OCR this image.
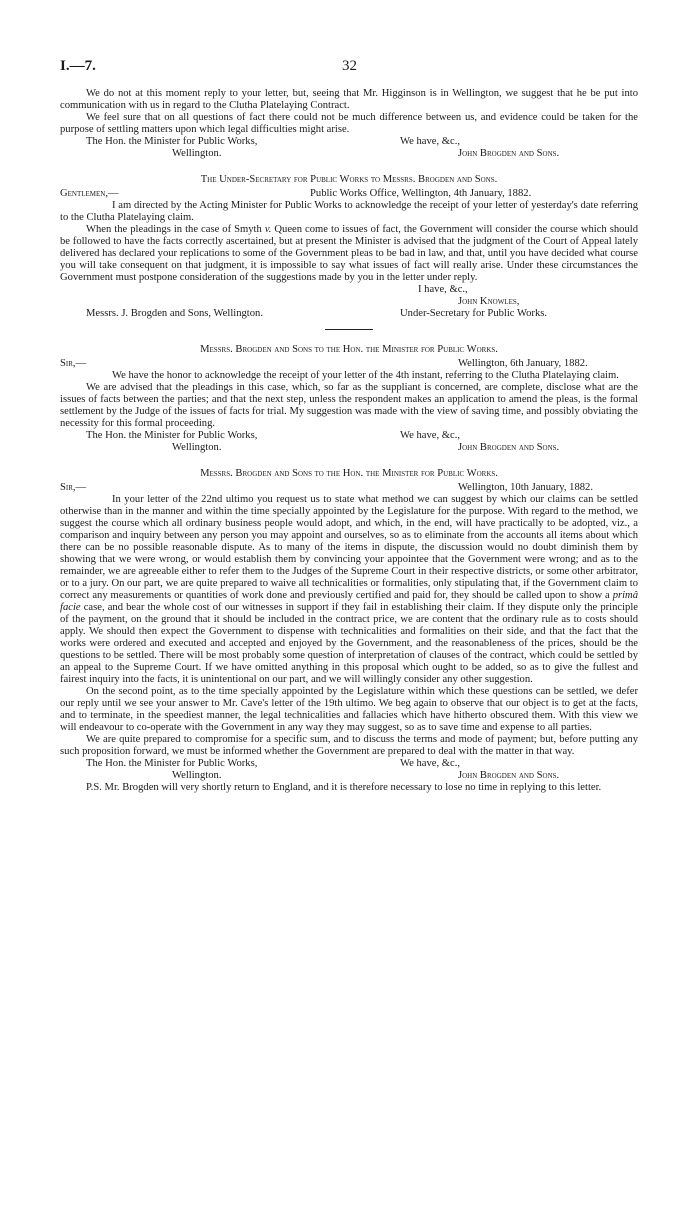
I.—7.	32

We do not at this moment reply to your letter, but, seeing that Mr. Higginson is in Wellington, we suggest that he be put into communication with us in regard to the Clutha Platelaying Contract.

We feel sure that on all questions of fact there could not be much difference between us, and evidence could be taken for the purpose of settling matters upon which legal difficulties might arise.

The Hon. the Minister for Public Works,	We have, &c.,
Wellington.	John Brogden and Sons.
The Under-Secretary for Public Works to Messrs. Brogden and Sons.
Gentlemen,—	Public Works Office, Wellington, 4th January, 1882.

I am directed by the Acting Minister for Public Works to acknowledge the receipt of your letter of yesterday's date referring to the Clutha Platelaying claim.

When the pleadings in the case of Smyth v. Queen come to issues of fact, the Government will consider the course which should be followed to have the facts correctly ascertained, but at present the Minister is advised that the judgment of the Court of Appeal lately delivered has declared your replications to some of the Government pleas to be bad in law, and that, until you have decided what course you will take consequent on that judgment, it is impossible to say what issues of fact will really arise. Under these circumstances the Government must postpone consideration of the suggestions made by you in the letter under reply.

I have, &c.,
John Knowles,
Messrs. J. Brogden and Sons, Wellington.	Under-Secretary for Public Works.
Messrs. Brogden and Sons to the Hon. the Minister for Public Works.
Sir,—	Wellington, 6th January, 1882.

We have the honor to acknowledge the receipt of your letter of the 4th instant, referring to the Clutha Platelaying claim.

We are advised that the pleadings in this case, which, so far as the suppliant is concerned, are complete, disclose what are the issues of facts between the parties; and that the next step, unless the respondent makes an application to amend the pleas, is the formal settlement by the Judge of the issues of facts for trial. My suggestion was made with the view of saving time, and possibly obviating the necessity for this formal proceeding.

The Hon. the Minister for Public Works,	We have, &c.,
Wellington.	John Brogden and Sons.
Messrs. Brogden and Sons to the Hon. the Minister for Public Works.
Sir,—	Wellington, 10th January, 1882.

In your letter of the 22nd ultimo you request us to state what method we can suggest by which our claims can be settled otherwise than in the manner and within the time specially appointed by the Legislature for the purpose. With regard to the method, we suggest the course which all ordinary business people would adopt, and which, in the end, will have practically to be adopted, viz., a comparison and inquiry between any person you may appoint and ourselves, so as to eliminate from the accounts all items about which there can be no possible reasonable dispute. As to many of the items in dispute, the discussion would no doubt diminish them by showing that we were wrong, or would establish them by convincing your appointee that the Government were wrong; and as to the remainder, we are agreeable either to refer them to the Judges of the Supreme Court in their respective districts, or some other arbitrator, or to a jury. On our part, we are quite prepared to waive all technicalities or formalities, only stipulating that, if the Government claim to correct any measurements or quantities of work done and previously certified and paid for, they should be called upon to show a primâ facie case, and bear the whole cost of our witnesses in support if they fail in establishing their claim. If they dispute only the principle of the payment, on the ground that it should be included in the contract price, we are content that the ordinary rule as to costs should apply. We should then expect the Government to dispense with technicalities and formalities on their side, and that the fact that the works were ordered and executed and accepted and enjoyed by the Government, and the reasonableness of the prices, should be the questions to be settled. There will be most probably some question of interpretation of clauses of the contract, which could be settled by an appeal to the Supreme Court. If we have omitted anything in this proposal which ought to be added, so as to give the fullest and fairest inquiry into the facts, it is unintentional on our part, and we will willingly consider any other suggestion.

On the second point, as to the time specially appointed by the Legislature within which these questions can be settled, we defer our reply until we see your answer to Mr. Cave's letter of the 19th ultimo. We beg again to observe that our object is to get at the facts, and to terminate, in the speediest manner, the legal technicalities and fallacies which have hitherto obscured them. With this view we will endeavour to co-operate with the Government in any way they may suggest, so as to save time and expense to all parties.

We are quite prepared to compromise for a specific sum, and to discuss the terms and mode of payment; but, before putting any such proposition forward, we must be informed whether the Government are prepared to deal with the matter in that way.

The Hon. the Minister for Public Works,	We have, &c.,
Wellington.	John Brogden and Sons.

P.S. Mr. Brogden will very shortly return to England, and it is therefore necessary to lose no time in replying to this letter.
